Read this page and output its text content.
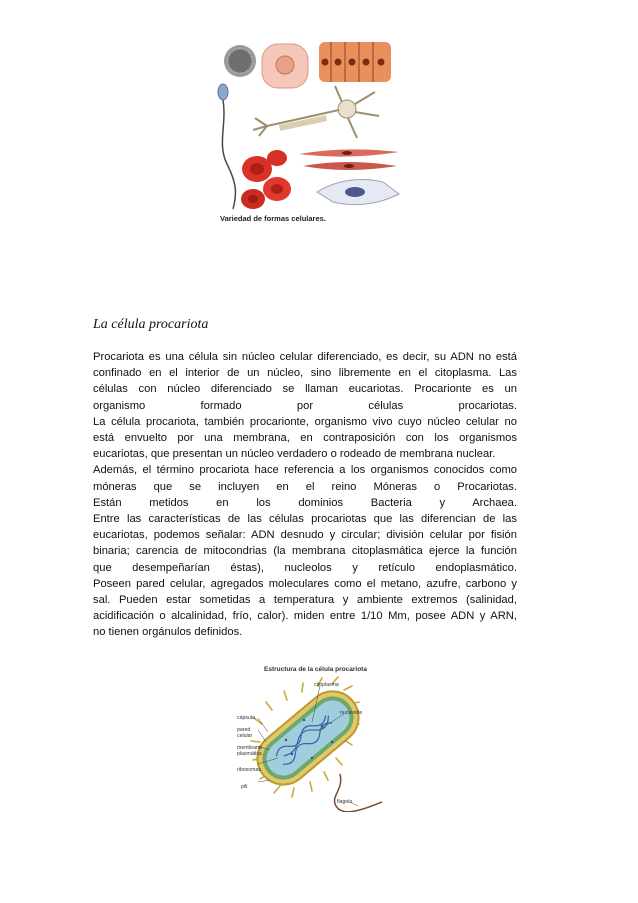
Variedad de formas celulares.
La célula procariota

Procariota es una célula sin núcleo celular diferenciado, es decir, su ADN no está

confinado en el interior de un núcleo, sino libremente en el citoplasma. Las

células con núcleo diferenciado se llaman eucariotas. Procarionte es un

organismo formado por células procariotas.

La célula procariota, también procarionte, organismo vivo cuyo núcleo celular no

está envuelto por una membrana, en contraposición con los organismos

eucariotas, que presentan un núcleo verdadero o rodeado de membrana nuclear.

Además, el término procariota hace referencia a los organismos conocidos como

móneras que se incluyen en el reino Móneras o Procariotas.

Están metidos en los dominios Bacteria y Archaea.

Entre las características de las células procariotas que las diferencian de las

eucariotas, podemos señalar: ADN desnudo y circular; división celular por fisión

binaria; carencia de mitocondrias (la membrana citoplasmática ejerce la función

que desempeñarían éstas), nucleolos y retículo endoplasmático.

Poseen pared celular, agregados moleculares como el metano, azufre, carbono y

sal. Pueden estar sometidas a temperatura y ambiente extremos (salinidad,

acidificación o alcalinidad, frío, calor). miden entre 1/10 Mm, posee ADN y ARN,

no tienen orgánulos definidos.

Estructura de la célula procariota
citoplasma
nucleoide
cápsula
pared celular
membrana plasmática
ribosomas
pili
flagelo
